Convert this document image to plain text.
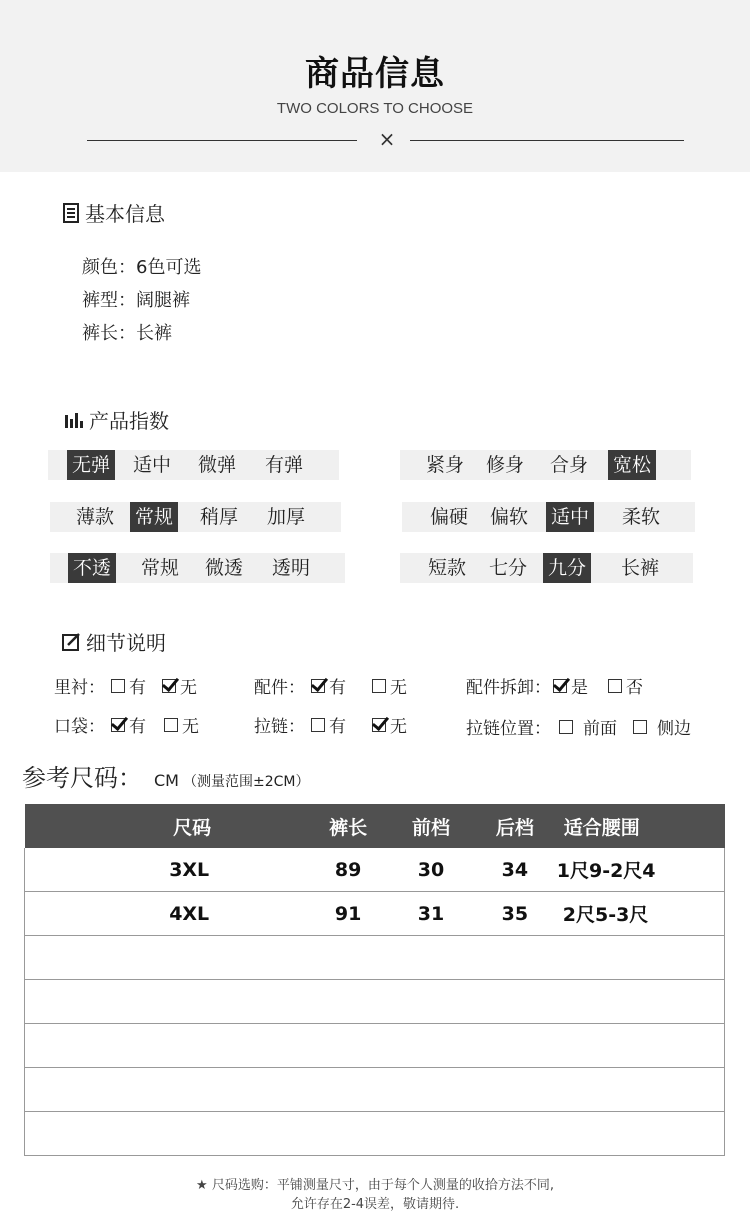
商品信息
TWO COLORS TO CHOOSE
×
基本信息
颜色：6色可选
裤型：阔腿裤
裤长：长裤
产品指数
无弹 适中 微弹 有弹	紧身 修身 合身 宽松
薄款 常规 稍厚 加厚	偏硬 偏软 适中 柔软
不透 常规 微透 透明	短款 七分 九分 长裤
细节说明
里衬： 有 无	配件： 有	无	配件拆卸： 是 否
口袋： 有 无	拉链： 有	无	拉链位置： 前面 侧边
参考尺码： CM （测量范围±2CM）
尺码	裤长	前档	后档	适合腰围
3XL	89	30	34	1尺9-2尺4
4XL	91	31	35	2尺5-3尺

★ 尺码选购：平铺测量尺寸，由于每个人测量的收拾方法不同,
允许存在2-4误差，敬请期待.
